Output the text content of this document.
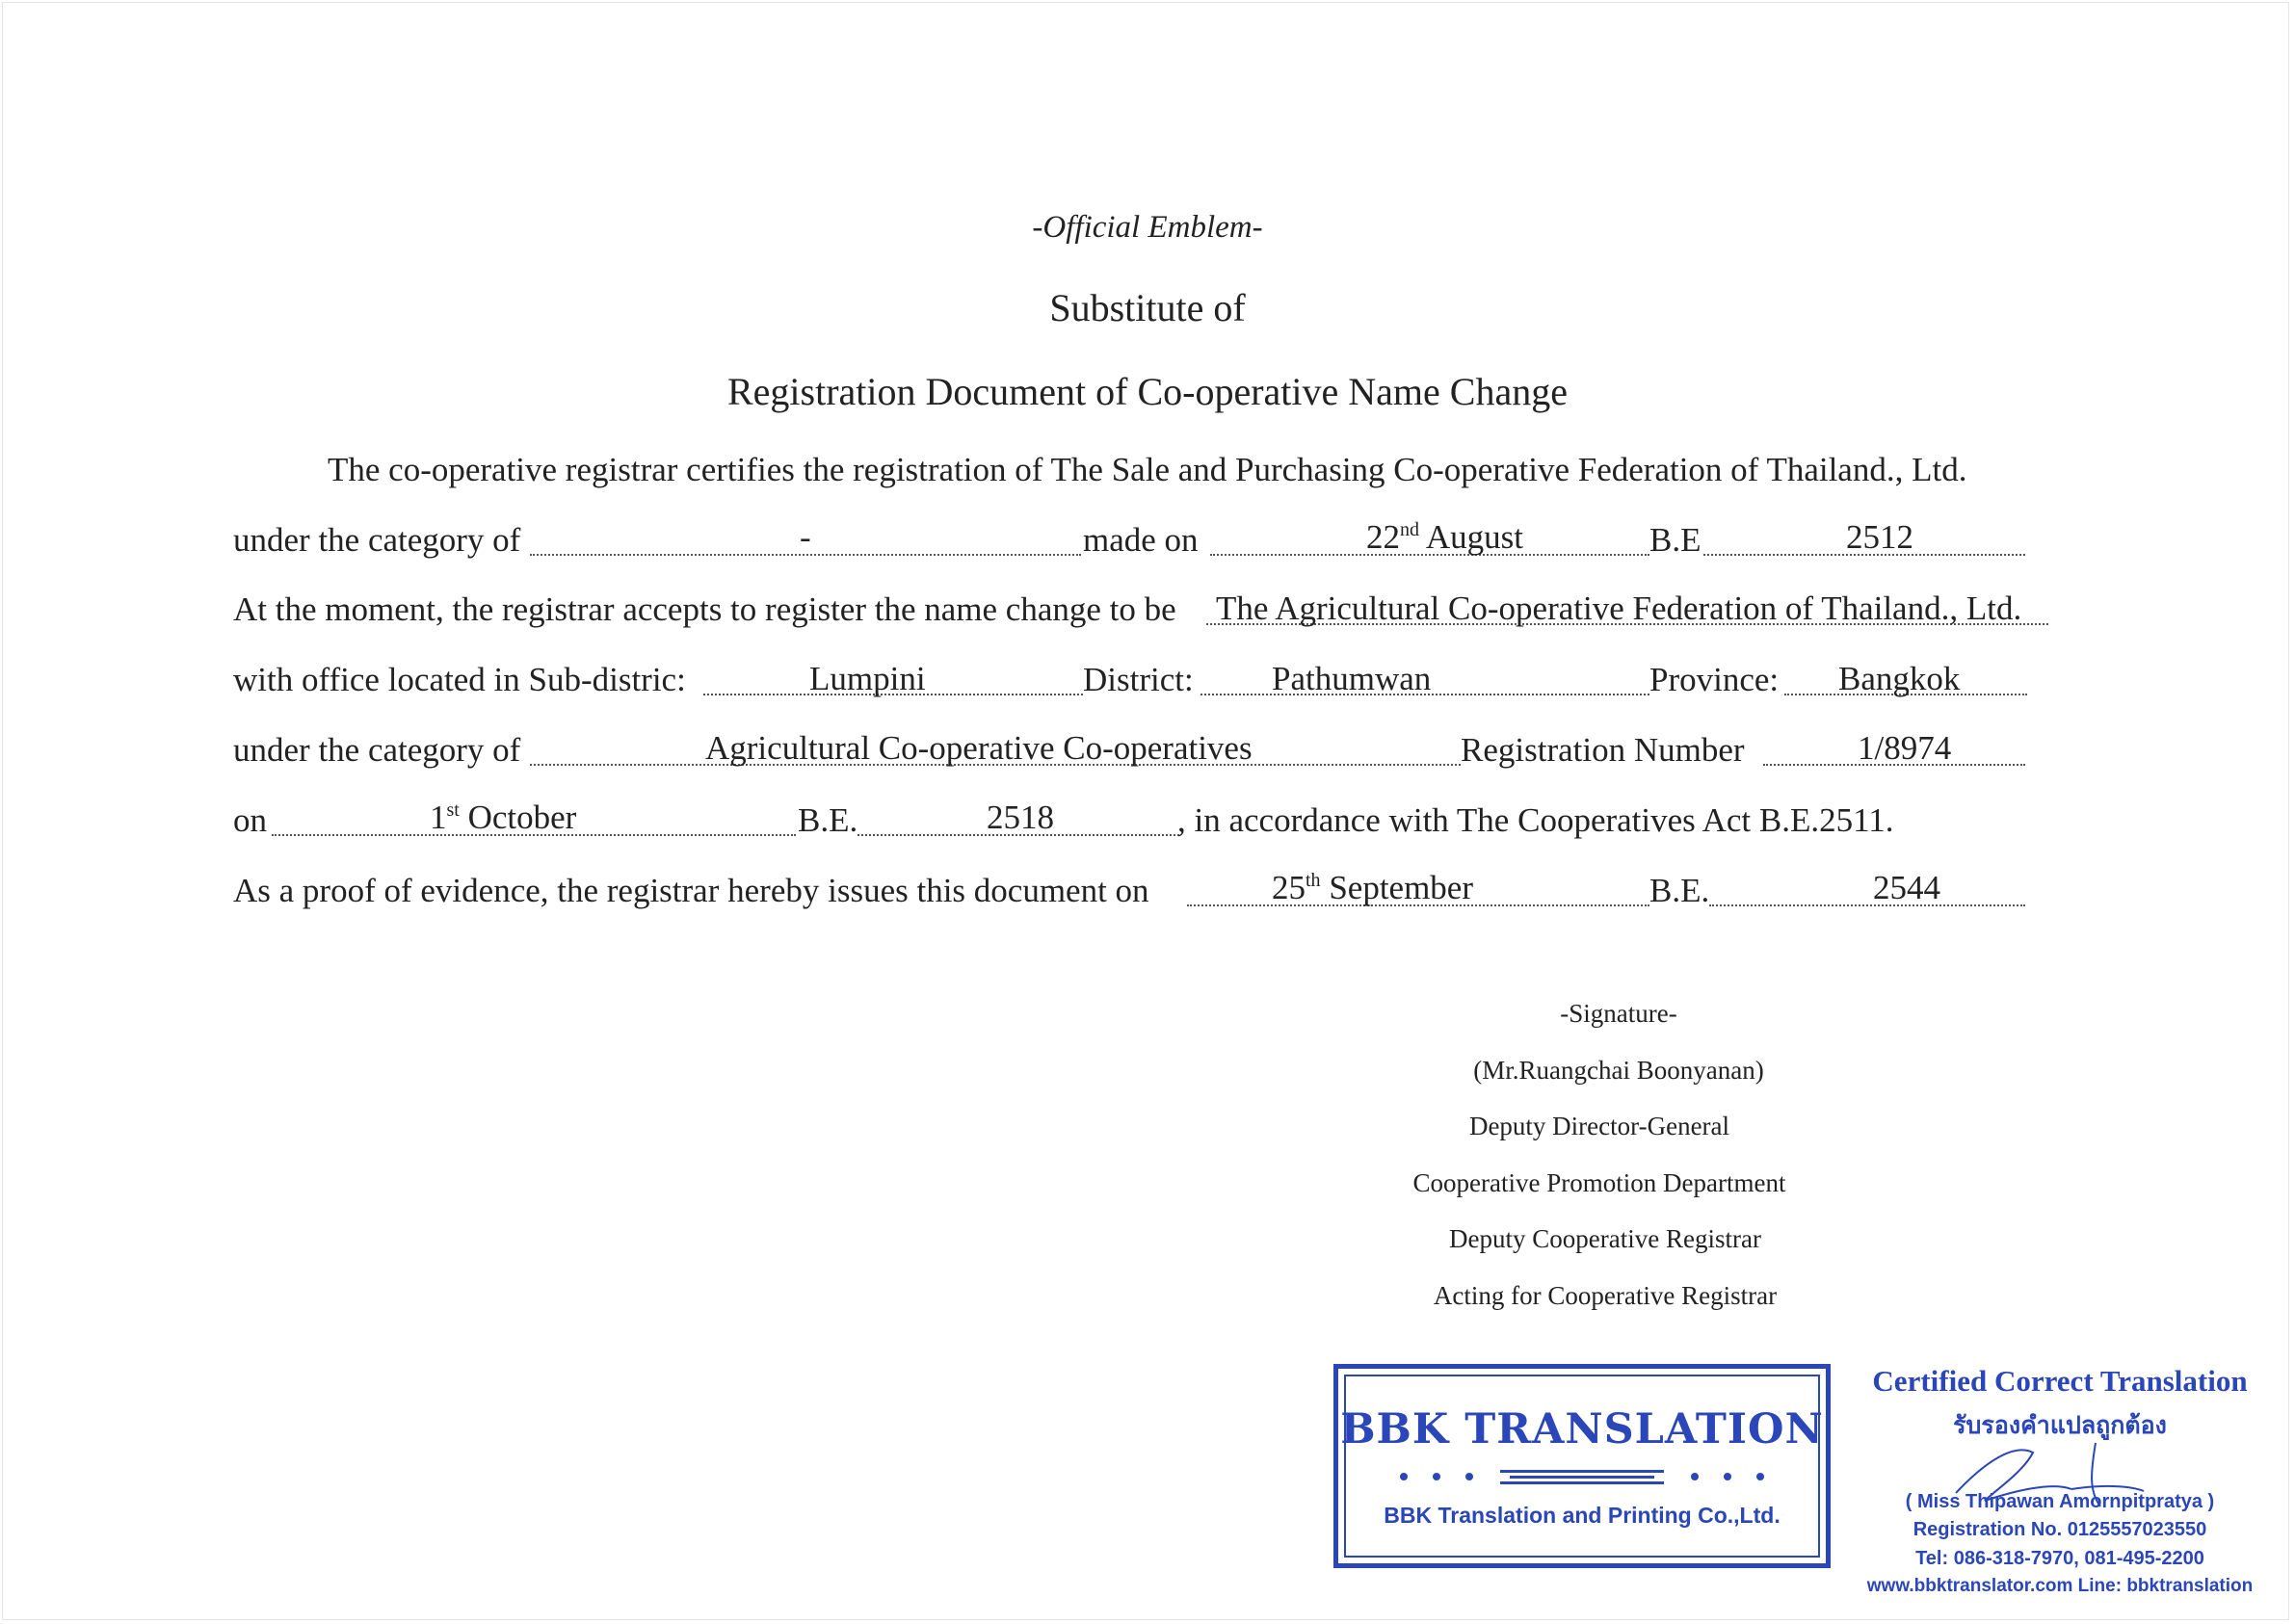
-Official Emblem-
Substitute of
Registration Document of Co-operative Name Change
The co-operative registrar certifies the registration of The Sale and Purchasing Co-operative Federation of Thailand., Ltd.
under the category of	-	made on	22nd August	B.E	2512
At the moment, the registrar accepts to register the name change to be The Agricultural Co-operative Federation of Thailand., Ltd.
with office located in Sub-distric:	Lumpini	District: Pathumwan	Province: Bangkok
under the category of	Agricultural Co-operative Co-operatives	Registration Number	1/8974
on	1st October	B.E.	2518	, in accordance with The Cooperatives Act B.E.2511.
As a proof of evidence, the registrar hereby issues this document on	25th September	B.E.	2544
-Signature-
(Mr.Ruangchai Boonyanan)
Deputy Director-General
Cooperative Promotion Department
Deputy Cooperative Registrar
Acting for Cooperative Registrar
BBK TRANSLATION
BBK Translation and Printing Co.,Ltd.
Certified Correct Translation
รับรองคำแปลถูกต้อง
( Miss Thipawan Amornpitpratya )
Registration No. 0125557023550
Tel: 086-318-7970, 081-495-2200
www.bbktranslator.com Line: bbktranslation
